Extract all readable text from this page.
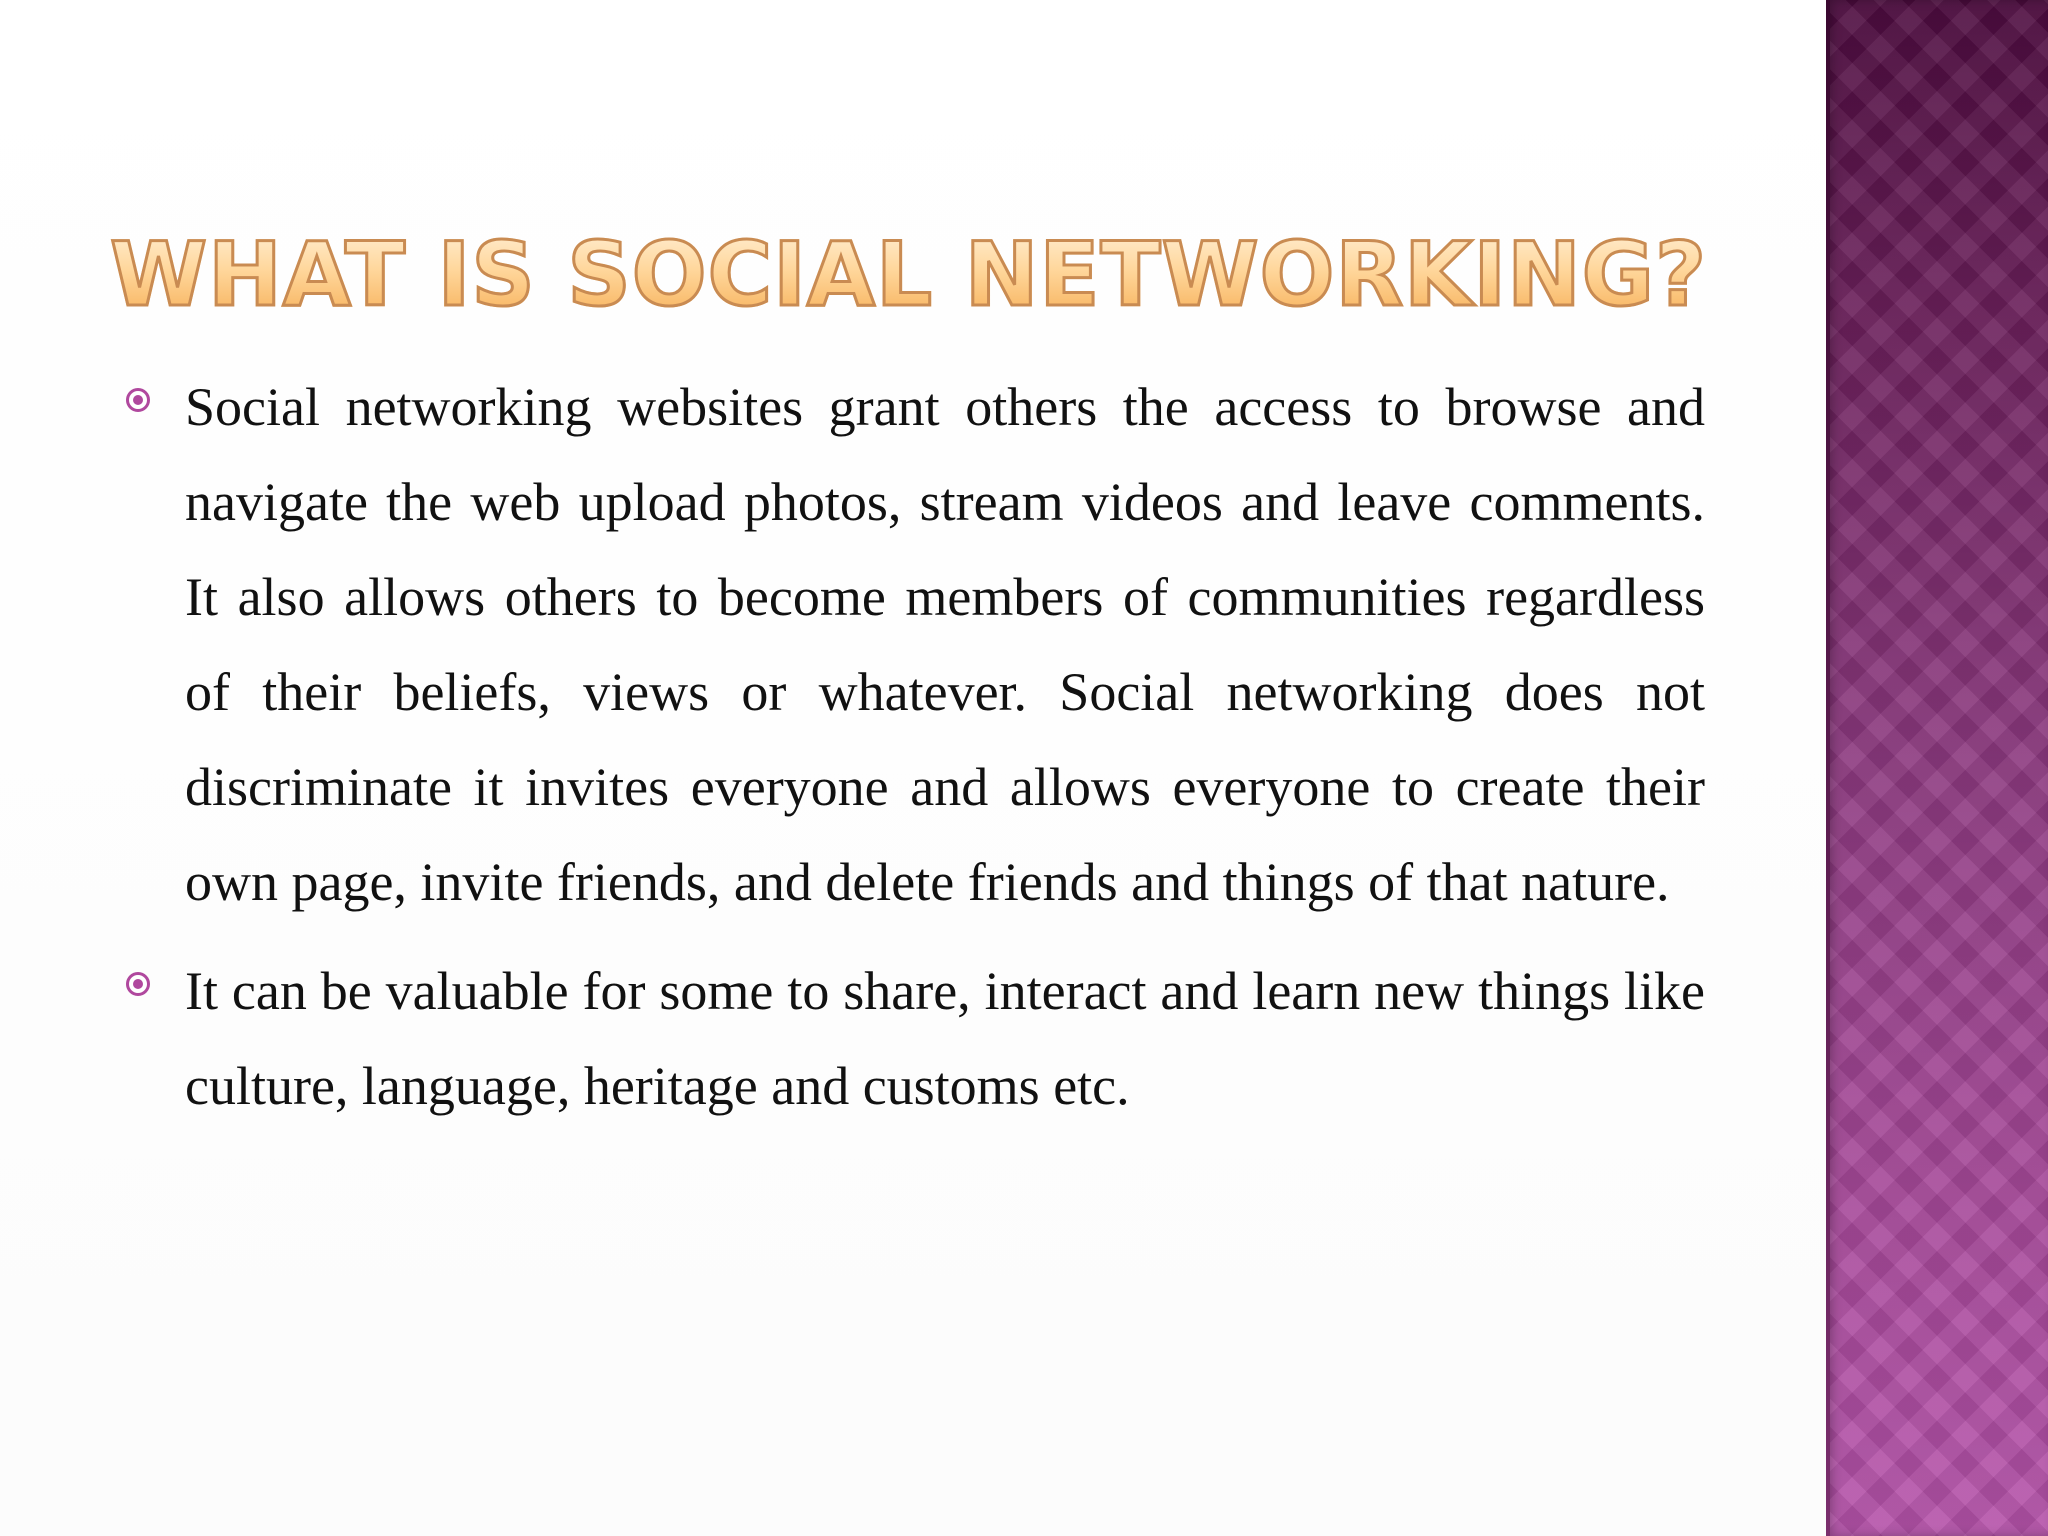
WHAT IS SOCIAL NETWORKING?
Social networking websites grant others the access to browse and navigate the web upload photos, stream videos and leave comments. It also allows others to become members of communities regardless of their beliefs, views or whatever. Social networking does not discriminate it invites everyone and allows everyone to create their own page, invite friends, and delete friends and things of that nature.
It can be valuable for some to share, interact and learn new things like culture, language, heritage and customs etc.
